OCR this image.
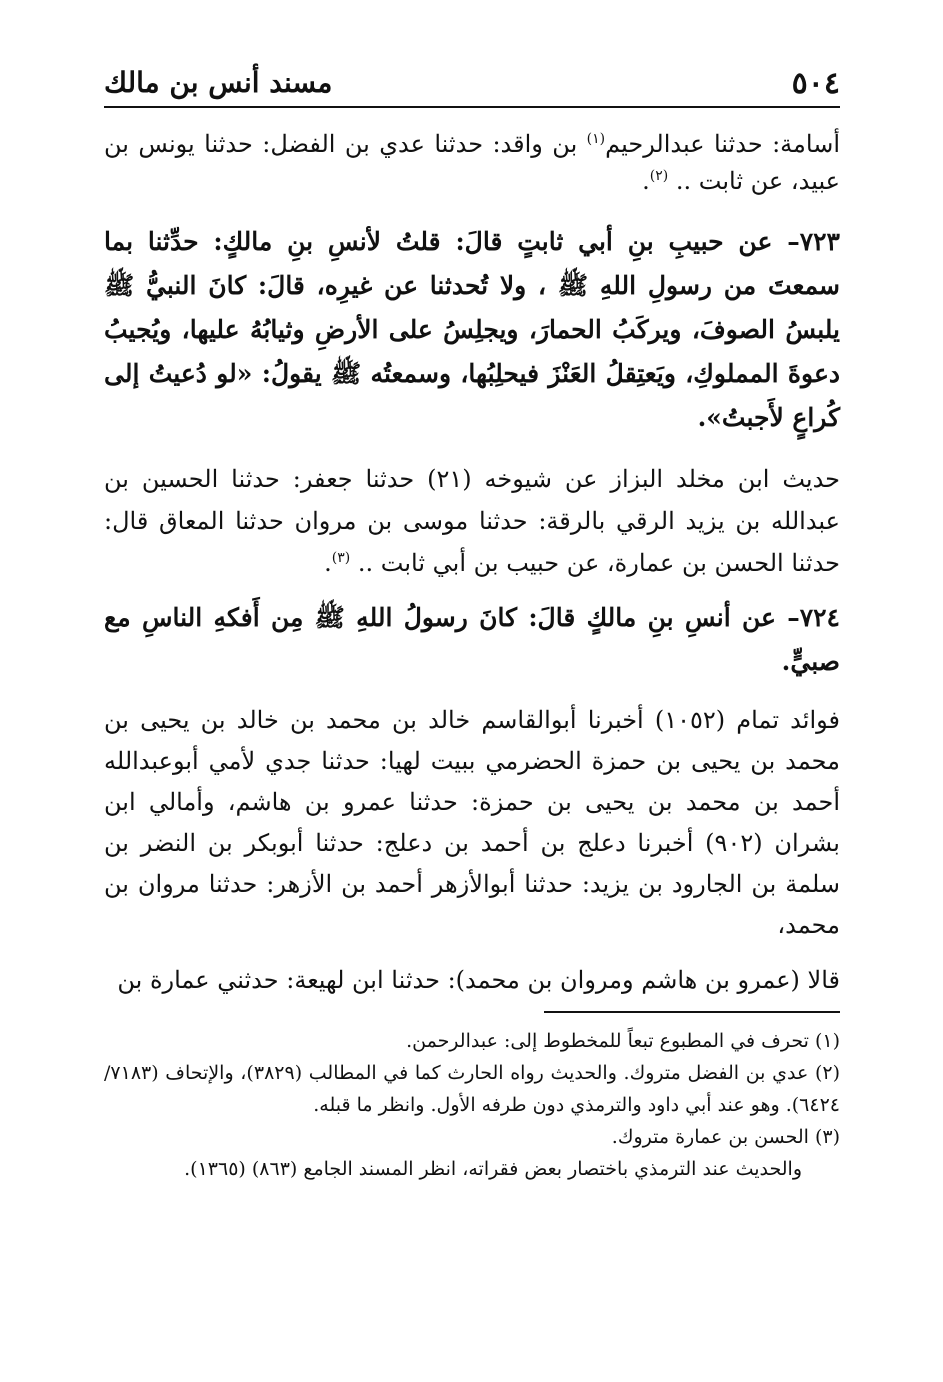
٥٠٤
مسند أنس بن مالك

أسامة: حدثنا عبدالرحيم$^{(١)}$ بن واقد: حدثنا عدي بن الفضل: حدثنا يونس بن عبيد، عن ثابت .. $^{(٢)}$.

٧٢٣– عن حبيبِ بنِ أبي ثابتٍ قالَ: قلتُ لأنسِ بنِ مالكٍ: حدِّثنا بما سمعتَ من رسولِ اللهِ ﷺ ، ولا تُحدثنا عن غيرِه، قالَ: كانَ النبيُّ ﷺ يلبسُ الصوفَ، ويركَبُ الحمارَ، ويجلِسُ على الأرضِ وثيابُهُ عليها، ويُجيبُ دعوةَ المملوكِ، ويَعتِقلُ العَنْزَ فيحلِبُها، وسمعتُه ﷺ يقولُ: «لو دُعيتُ إلى كُراعٍ لأَجبتُ».

حديث ابن مخلد البزاز عن شيوخه (٢١) حدثنا جعفر: حدثنا الحسين بن عبدالله بن يزيد الرقي بالرقة: حدثنا موسى بن مروان حدثنا المعاق قال: حدثنا الحسن بن عمارة، عن حبيب بن أبي ثابت .. $^{(٣)}$.

٧٢٤– عن أنسِ بنِ مالكٍ قالَ: كانَ رسولُ اللهِ ﷺ مِن أَفكهِ الناسِ مع صبيٍّ.

فوائد تمام (١٠٥٢) أخبرنا أبوالقاسم خالد بن محمد بن خالد بن يحيى بن محمد بن يحيى بن حمزة الحضرمي ببيت لهيا: حدثنا جدي لأمي أبوعبدالله أحمد بن محمد بن يحيى بن حمزة: حدثنا عمرو بن هاشم، وأمالي ابن بشران (٩٠٢) أخبرنا دعلج بن أحمد بن دعلج: حدثنا أبوبكر بن النضر بن سلمة بن الجارود بن يزيد: حدثنا أبوالأزهر أحمد بن الأزهر: حدثنا مروان بن محمد،

قالا (عمرو بن هاشم ومروان بن محمد): حدثنا ابن لهيعة: حدثني عمارة بن

(١) تحرف في المطبوع تبعاً للمخطوط إلى: عبدالرحمن.
(٢) عدي بن الفضل متروك. والحديث رواه الحارث كما في المطالب (٣٨٢٩)، والإتحاف (٧١٨٣/ ٦٤٢٤). وهو عند أبي داود والترمذي دون طرفه الأول. وانظر ما قبله.
(٣) الحسن بن عمارة متروك.
والحديث عند الترمذي باختصار بعض فقراته، انظر المسند الجامع (٨٦٣) (١٣٦٥).
